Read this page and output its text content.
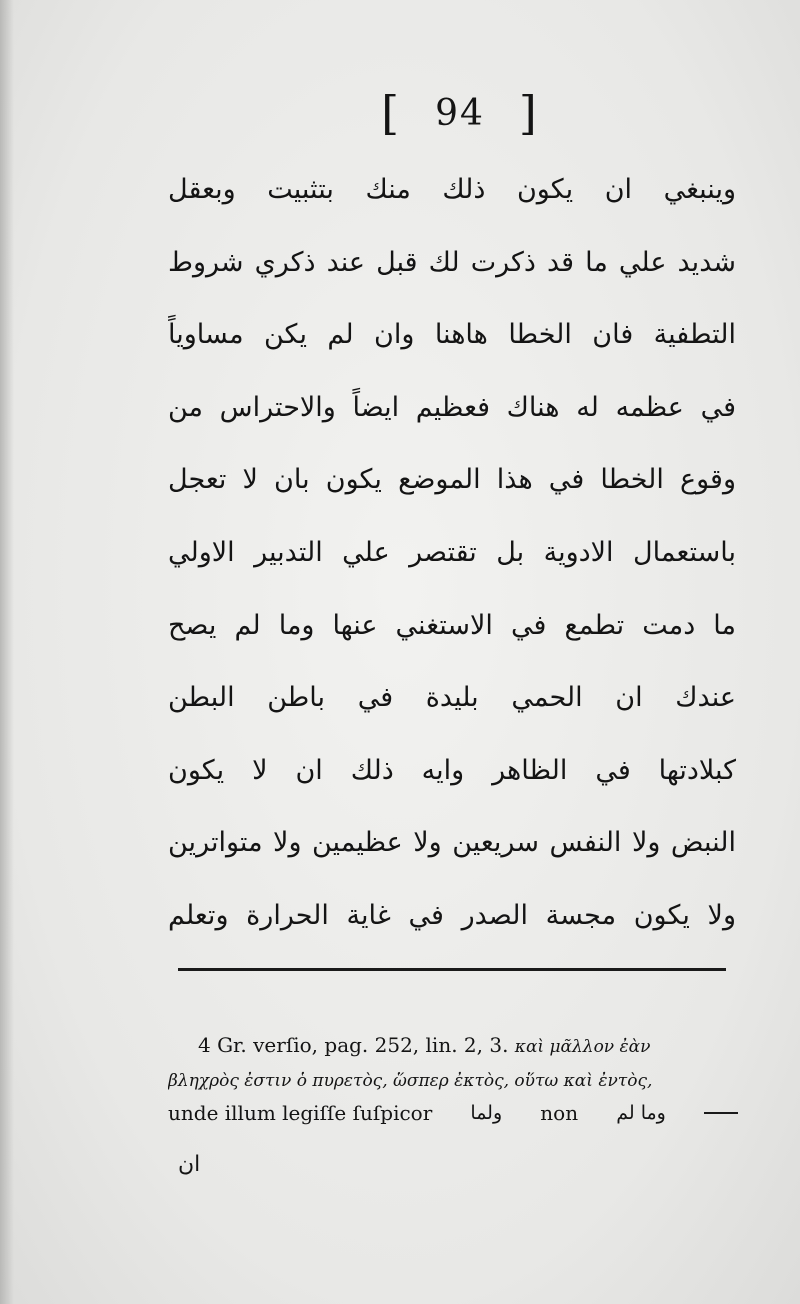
[ 94 ]
وينبغي ان يكون ذلك منك بتثبيت وبعقل
شديد علي ما قد ذكرت لك قبل عند ذكري شروط
التطفية فان الخطا هاهنا وان لم يكن مساوياً
في عظمه له هناك فعظيم ايضاً والاحتراس من
وقوع الخطا في هذا الموضع يكون بان لا تعجل
باستعمال الادوية بل تقتصر علي التدبير الاولي
ما دمت تطمع في الاستغني عنها وما لم يصح
عندك ان الحمي بليدة في باطن البطن
كبلادتها في الظاهر وايه ذلك ان لا يكون
النبض ولا النفس سريعين ولا عظيمين ولا متواترين
ولا يكون مجسة الصدر في غاية الحرارة وتعلم
4 Gr. verſio, pag. 252, lin. 2, 3. καὶ μᾶλλον ἐὰν
βληχρὸς ἐστιν ὁ πυρετὸς, ὥσπερ ἐκτὸς, οὕτω καὶ ἐντὸς,
unde illum legiſſe ſuſpicor ولما non وما لم
ان
